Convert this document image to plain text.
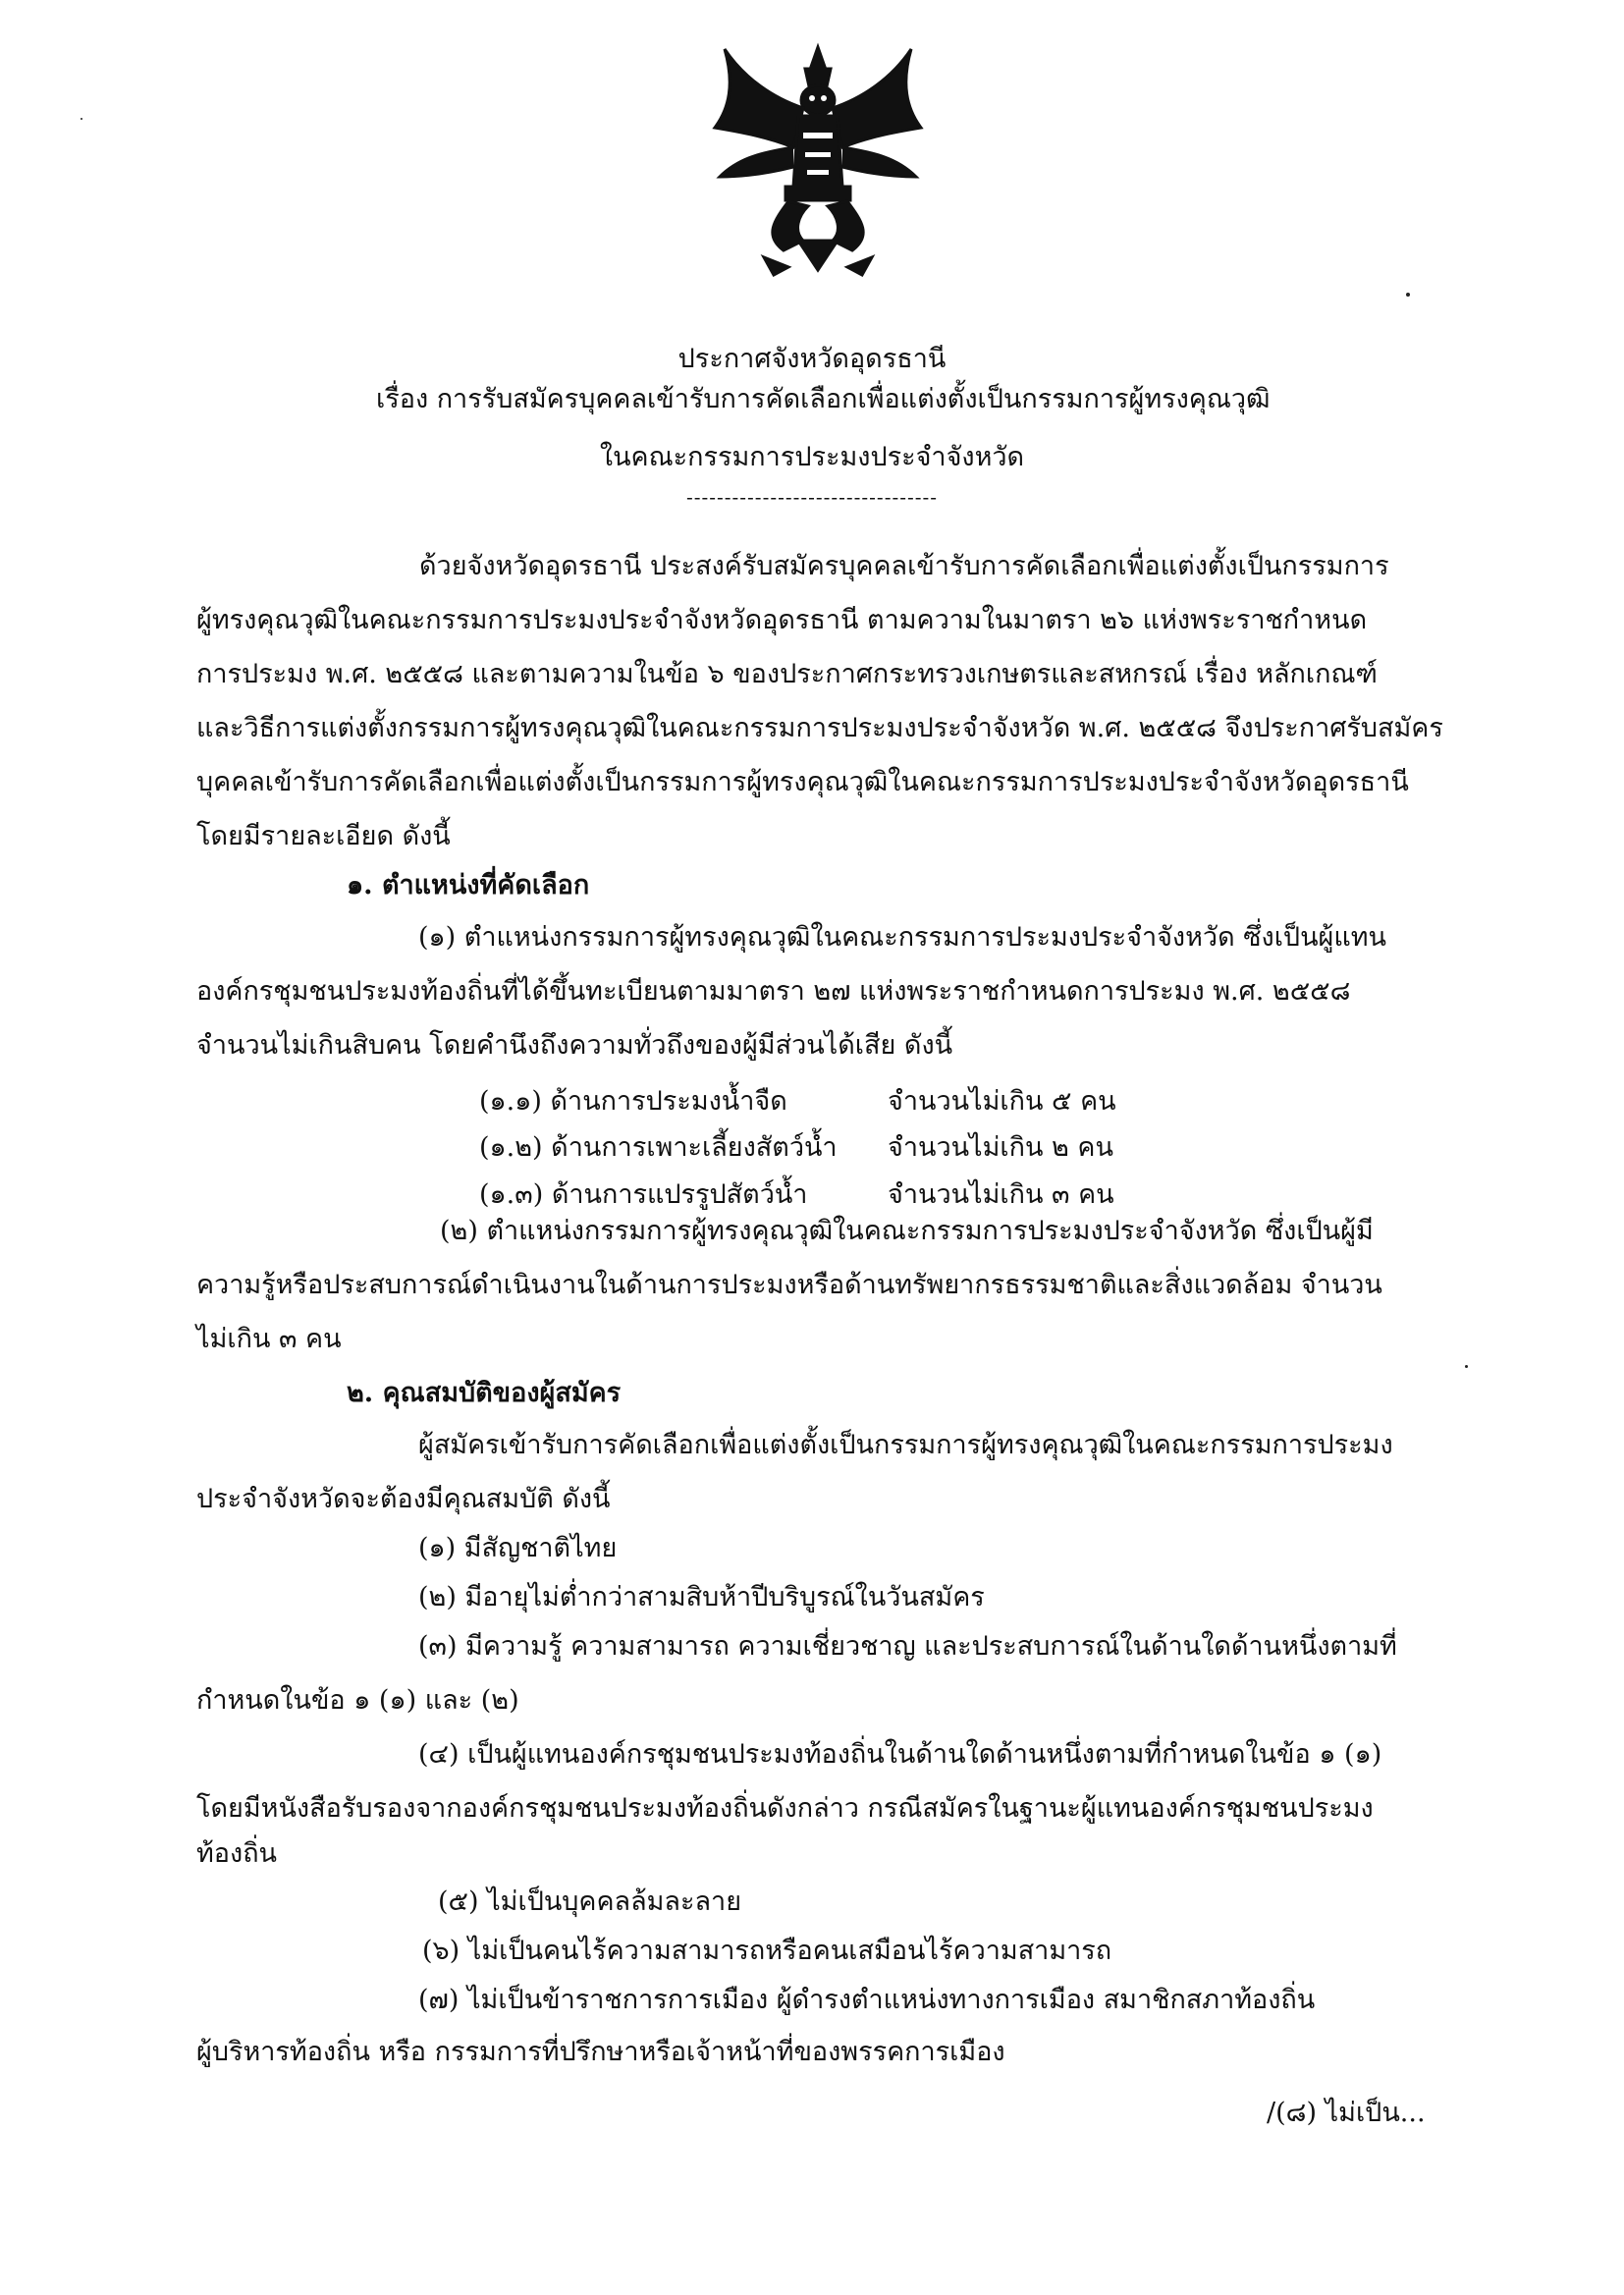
ประกาศจังหวัดอุดรธานี
เรื่อง การรับสมัครบุคคลเข้ารับการคัดเลือกเพื่อแต่งตั้งเป็นกรรมการผู้ทรงคุณวุฒิ
ในคณะกรรมการประมงประจำจังหวัด
---------------------------------
ด้วยจังหวัดอุดรธานี ประสงค์รับสมัครบุคคลเข้ารับการคัดเลือกเพื่อแต่งตั้งเป็นกรรมการ
ผู้ทรงคุณวุฒิในคณะกรรมการประมงประจำจังหวัดอุดรธานี ตามความในมาตรา ๒๖ แห่งพระราชกำหนด
การประมง พ.ศ. ๒๕๕๘ และตามความในข้อ ๖ ของประกาศกระทรวงเกษตรและสหกรณ์ เรื่อง หลักเกณฑ์
และวิธีการแต่งตั้งกรรมการผู้ทรงคุณวุฒิในคณะกรรมการประมงประจำจังหวัด พ.ศ. ๒๕๕๘ จึงประกาศรับสมัคร
บุคคลเข้ารับการคัดเลือกเพื่อแต่งตั้งเป็นกรรมการผู้ทรงคุณวุฒิในคณะกรรมการประมงประจำจังหวัดอุดรธานี
โดยมีรายละเอียด ดังนี้
๑. ตำแหน่งที่คัดเลือก
(๑) ตำแหน่งกรรมการผู้ทรงคุณวุฒิในคณะกรรมการประมงประจำจังหวัด ซึ่งเป็นผู้แทน
องค์กรชุมชนประมงท้องถิ่นที่ได้ขึ้นทะเบียนตามมาตรา ๒๗ แห่งพระราชกำหนดการประมง พ.ศ. ๒๕๕๘
จำนวนไม่เกินสิบคน โดยคำนึงถึงความทั่วถึงของผู้มีส่วนได้เสีย ดังนี้
(๑.๑) ด้านการประมงน้ำจืด	จำนวนไม่เกิน ๕ คน
(๑.๒) ด้านการเพาะเลี้ยงสัตว์น้ำ จำนวนไม่เกิน ๒ คน
(๑.๓) ด้านการแปรรูปสัตว์น้ำ	จำนวนไม่เกิน ๓ คน
(๒) ตำแหน่งกรรมการผู้ทรงคุณวุฒิในคณะกรรมการประมงประจำจังหวัด ซึ่งเป็นผู้มี
ความรู้หรือประสบการณ์ดำเนินงานในด้านการประมงหรือด้านทรัพยากรธรรมชาติและสิ่งแวดล้อม จำนวน
ไม่เกิน ๓ คน
๒. คุณสมบัติของผู้สมัคร
ผู้สมัครเข้ารับการคัดเลือกเพื่อแต่งตั้งเป็นกรรมการผู้ทรงคุณวุฒิในคณะกรรมการประมง
ประจำจังหวัดจะต้องมีคุณสมบัติ ดังนี้
(๑) มีสัญชาติไทย
(๒) มีอายุไม่ต่ำกว่าสามสิบห้าปีบริบูรณ์ในวันสมัคร
(๓) มีความรู้ ความสามารถ ความเชี่ยวชาญ และประสบการณ์ในด้านใดด้านหนึ่งตามที่
กำหนดในข้อ ๑ (๑) และ (๒)
(๔) เป็นผู้แทนองค์กรชุมชนประมงท้องถิ่นในด้านใดด้านหนึ่งตามที่กำหนดในข้อ ๑ (๑)
โดยมีหนังสือรับรองจากองค์กรชุมชนประมงท้องถิ่นดังกล่าว กรณีสมัครในฐานะผู้แทนองค์กรชุมชนประมง
ท้องถิ่น
(๕) ไม่เป็นบุคคลล้มละลาย
(๖) ไม่เป็นคนไร้ความสามารถหรือคนเสมือนไร้ความสามารถ
(๗) ไม่เป็นข้าราชการการเมือง ผู้ดำรงตำแหน่งทางการเมือง สมาชิกสภาท้องถิ่น
ผู้บริหารท้องถิ่น หรือ กรรมการที่ปรึกษาหรือเจ้าหน้าที่ของพรรคการเมือง
/(๘) ไม่เป็น...
